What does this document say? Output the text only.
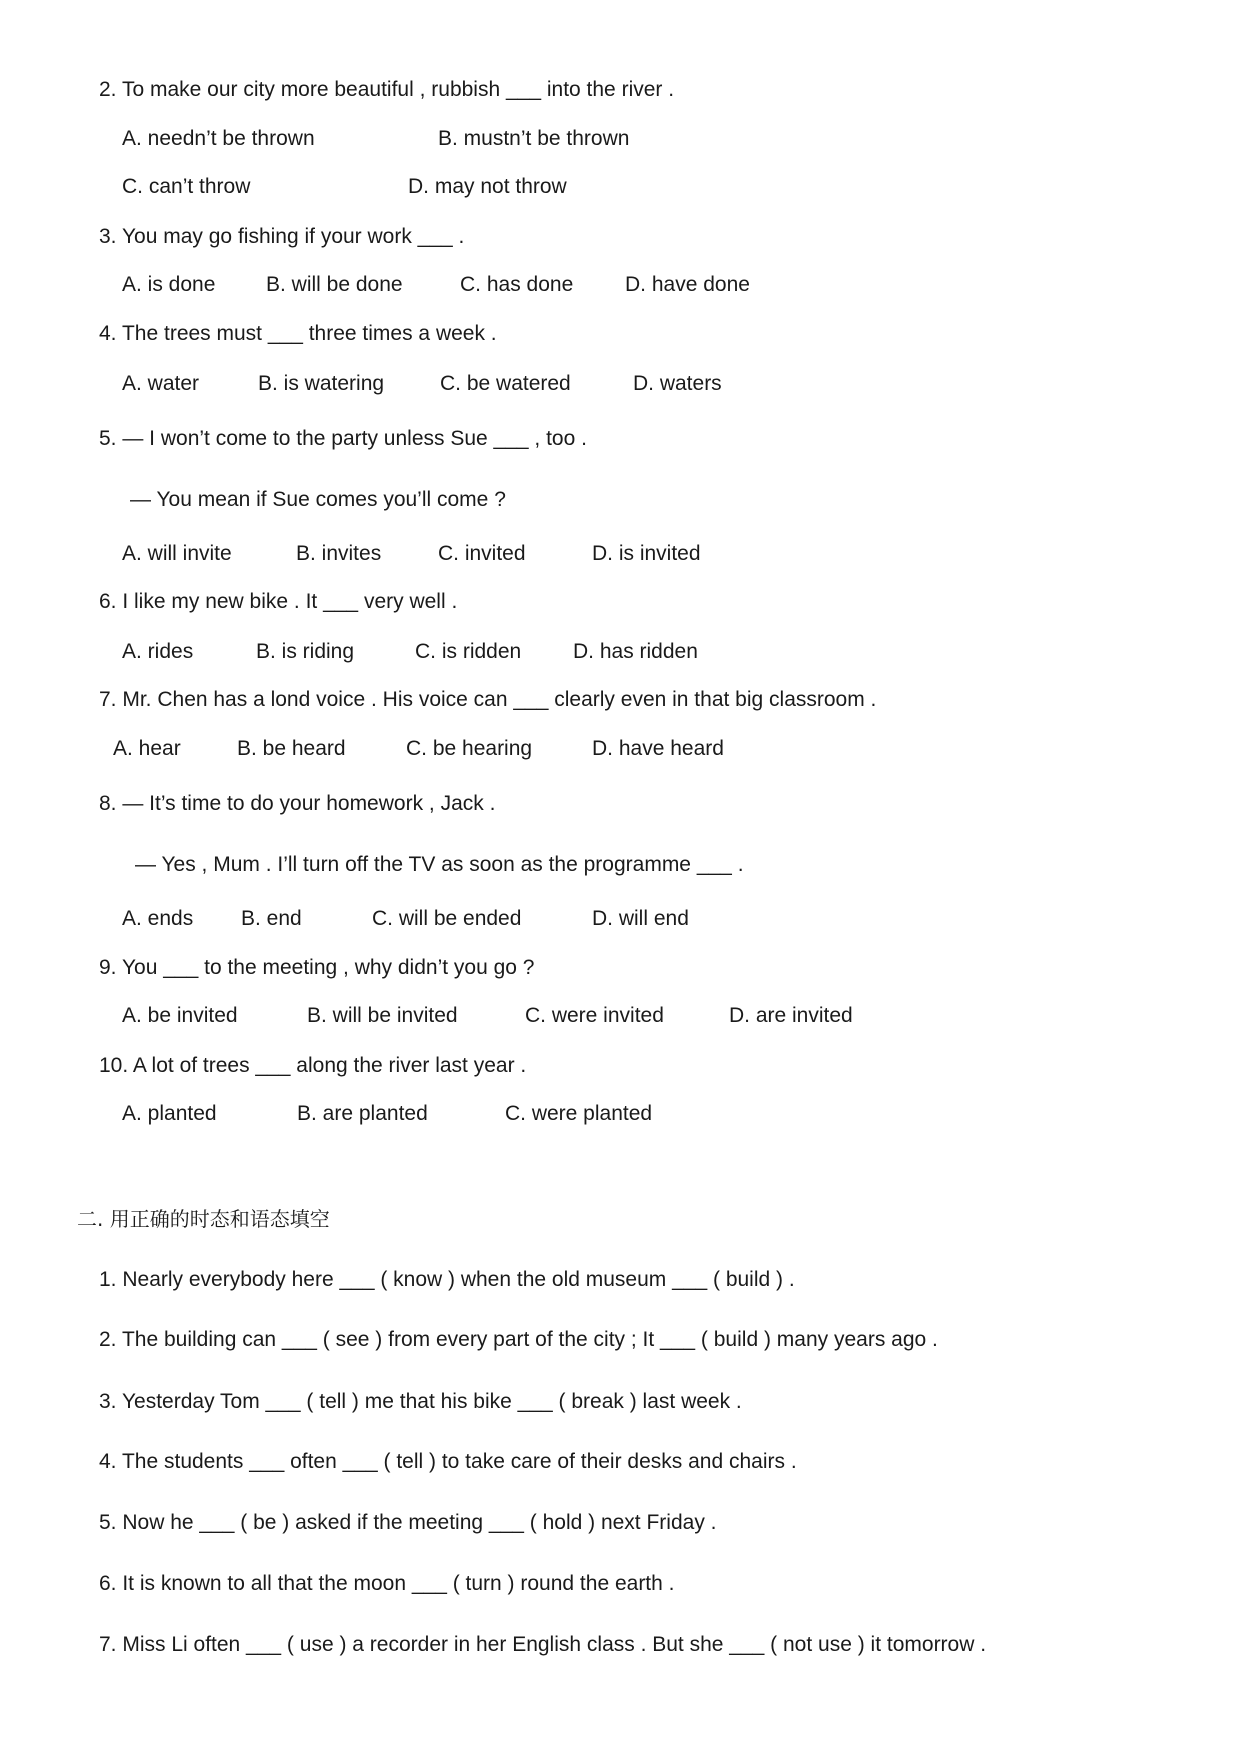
2. To make our city more beautiful , rubbish ___ into the river .
A. needn’t be thrown	B. mustn’t be thrown
C. can’t throw	D. may not throw
3. You may go fishing if your work ___ .
A. is done B. will be done	C. has done D. have done
4. The trees must ___ three times a week .
A. water	B. is watering	C. be watered	D. waters
5. — I won’t come to the party unless Sue ___ , too .
— You mean if Sue comes you’ll come ?
A. will invite	B. invites	C. invited	D. is invited
6. I like my new bike . It ___ very well .
A. rides	B. is riding	C. is ridden D. has ridden
7. Mr. Chen has a lond voice . His voice can ___ clearly even in that big classroom .
A. hear	B. be heard	C. be hearing	D. have heard
8. — It’s time to do your homework , Jack .
— Yes , Mum . I’ll turn off the TV as soon as the programme ___ .
A. ends B. end	C. will be ended	D. will end
9. You ___ to the meeting , why didn’t you go ?
A. be invited	B. will be invited	C. were invited	D. are invited
10. A lot of trees ___ along the river last year .
A. planted	B. are planted	C. were planted
二. 用正确的时态和语态填空
1. Nearly everybody here ___ ( know ) when the old museum ___ ( build ) .
2. The building can ___ ( see ) from every part of the city ; It ___ ( build ) many years ago .
3. Yesterday Tom ___ ( tell ) me that his bike ___ ( break ) last week .
4. The students ___ often ___ ( tell ) to take care of their desks and chairs .
5. Now he ___ ( be ) asked if the meeting ___ ( hold ) next Friday .
6. It is known to all that the moon ___ ( turn ) round the earth .
7. Miss Li often ___ ( use ) a recorder in her English class . But she ___ ( not use ) it tomorrow .
